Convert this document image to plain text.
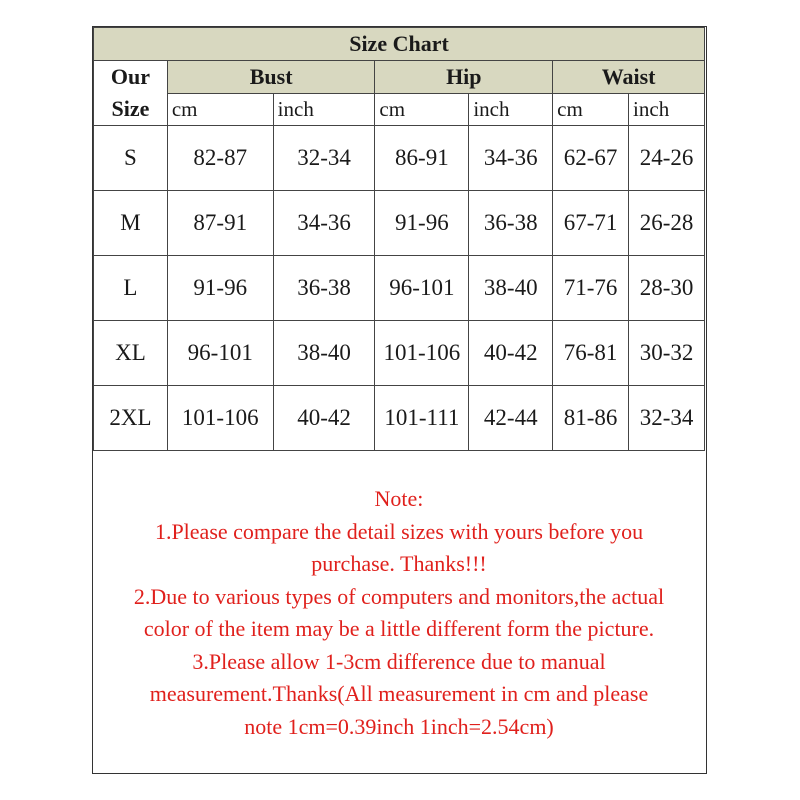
Size Chart						

Our
Size	Bust		Hip		Waist	
	cm	inch	cm	inch	cm	inch
S	82-87	32-34	86-91	34-36	62-67	24-26
M	87-91	34-36	91-96	36-38	67-71	26-28
L	91-96	36-38	96-101	38-40	71-76	28-30
XL	96-101	38-40	101-106	40-42	76-81	30-32
2XL	101-106	40-42	101-111	42-44	81-86	32-34
Note:
1.Please compare the detail sizes with yours before you
purchase. Thanks!!!
2.Due to various types of computers and monitors,the actual
color of the item may be a little different form the picture.
3.Please allow 1-3cm difference due to manual
measurement.Thanks(All measurement in cm and please
note 1cm=0.39inch 1inch=2.54cm)
